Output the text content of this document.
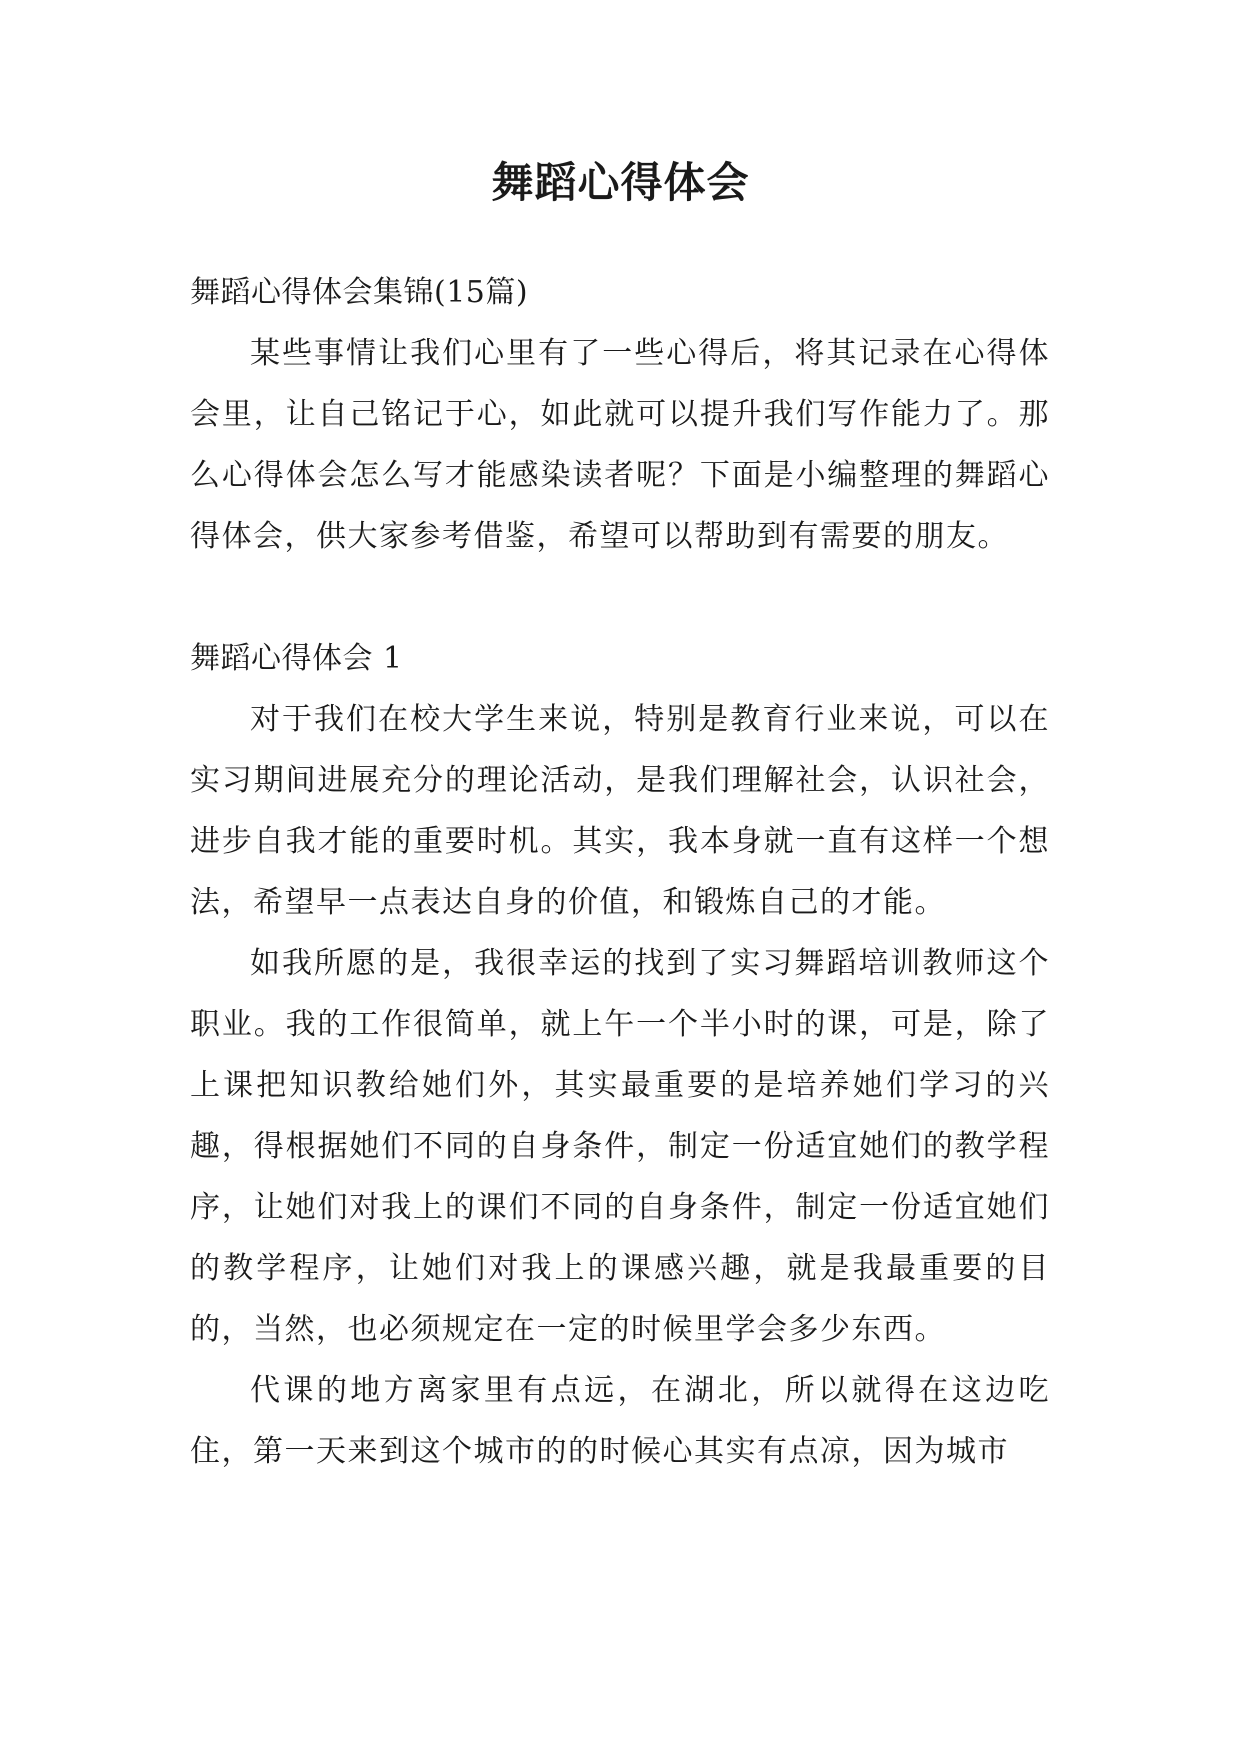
舞蹈心得体会

舞蹈心得体会集锦(15篇)

某些事情让我们心里有了一些心得后，将其记录在心得体会里，让自己铭记于心，如此就可以提升我们写作能力了。那么心得体会怎么写才能感染读者呢？下面是小编整理的舞蹈心得体会，供大家参考借鉴，希望可以帮助到有需要的朋友。

舞蹈心得体会 1

对于我们在校大学生来说，特别是教育行业来说，可以在实习期间进展充分的理论活动，是我们理解社会，认识社会，进步自我才能的重要时机。其实，我本身就一直有这样一个想法，希望早一点表达自身的价值，和锻炼自己的才能。

如我所愿的是，我很幸运的找到了实习舞蹈培训教师这个职业。我的工作很简单，就上午一个半小时的课，可是，除了上课把知识教给她们外，其实最重要的是培养她们学习的兴趣，得根据她们不同的自身条件，制定一份适宜她们的教学程序，让她们对我上的课们不同的自身条件，制定一份适宜她们的教学程序，让她们对我上的课感兴趣，就是我最重要的目的，当然，也必须规定在一定的时候里学会多少东西。

代课的地方离家里有点远，在湖北，所以就得在这边吃住，第一天来到这个城市的的时候心其实有点凉，因为城市
